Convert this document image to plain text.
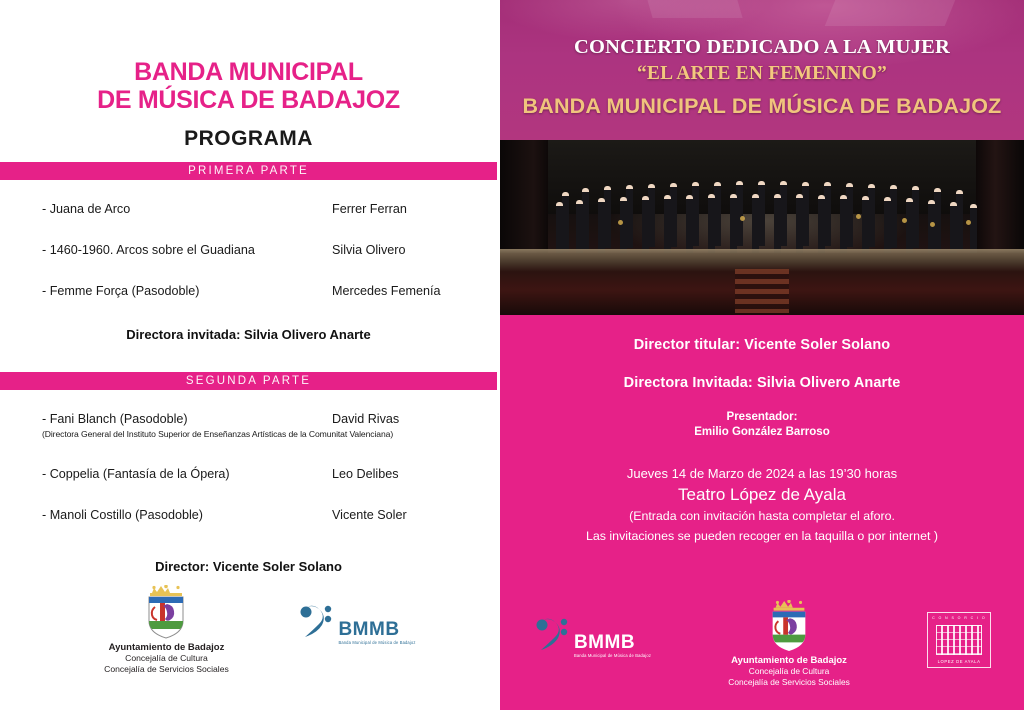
BANDA MUNICIPAL
DE MÚSICA DE BADAJOZ
PROGRAMA
PRIMERA PARTE
- Juana de Arco	Ferrer Ferran
- 1460-1960. Arcos sobre el Guadiana	Silvia Olivero
- Femme Força (Pasodoble)	Mercedes Femenía
Directora invitada: Silvia Olivero Anarte
SEGUNDA PARTE
- Fani Blanch (Pasodoble)	David Rivas
(Directora General del Instituto Superior de Enseñanzas Artísticas de la Comunitat Valenciana)
- Coppelia (Fantasía de la Ópera)	Leo Delibes
- Manoli Costillo (Pasodoble)	Vicente Soler
Director: Vicente Soler Solano
Ayuntamiento de Badajoz
Concejalía de Cultura
Concejalía de Servicios Sociales
BMMB
Banda Municipal de Música de Badajoz
CONCIERTO DEDICADO A LA MUJER
“EL ARTE EN FEMENINO”
BANDA MUNICIPAL DE MÚSICA DE BADAJOZ
Director titular: Vicente Soler Solano
Directora Invitada: Silvia Olivero Anarte
Presentador:
Emilio González Barroso
Jueves 14 de Marzo de 2024 a las 19’30 horas
Teatro López de Ayala
(Entrada con invitación hasta completar el aforo.
Las invitaciones se pueden recoger en la taquilla o por internet )
BMMB
Banda Municipal de Música de Badajoz	Ayuntamiento de Badajoz
Concejalía de Cultura
Concejalía de Servicios Sociales
C O N S O R C I O
LOPEZ DE AYALA
